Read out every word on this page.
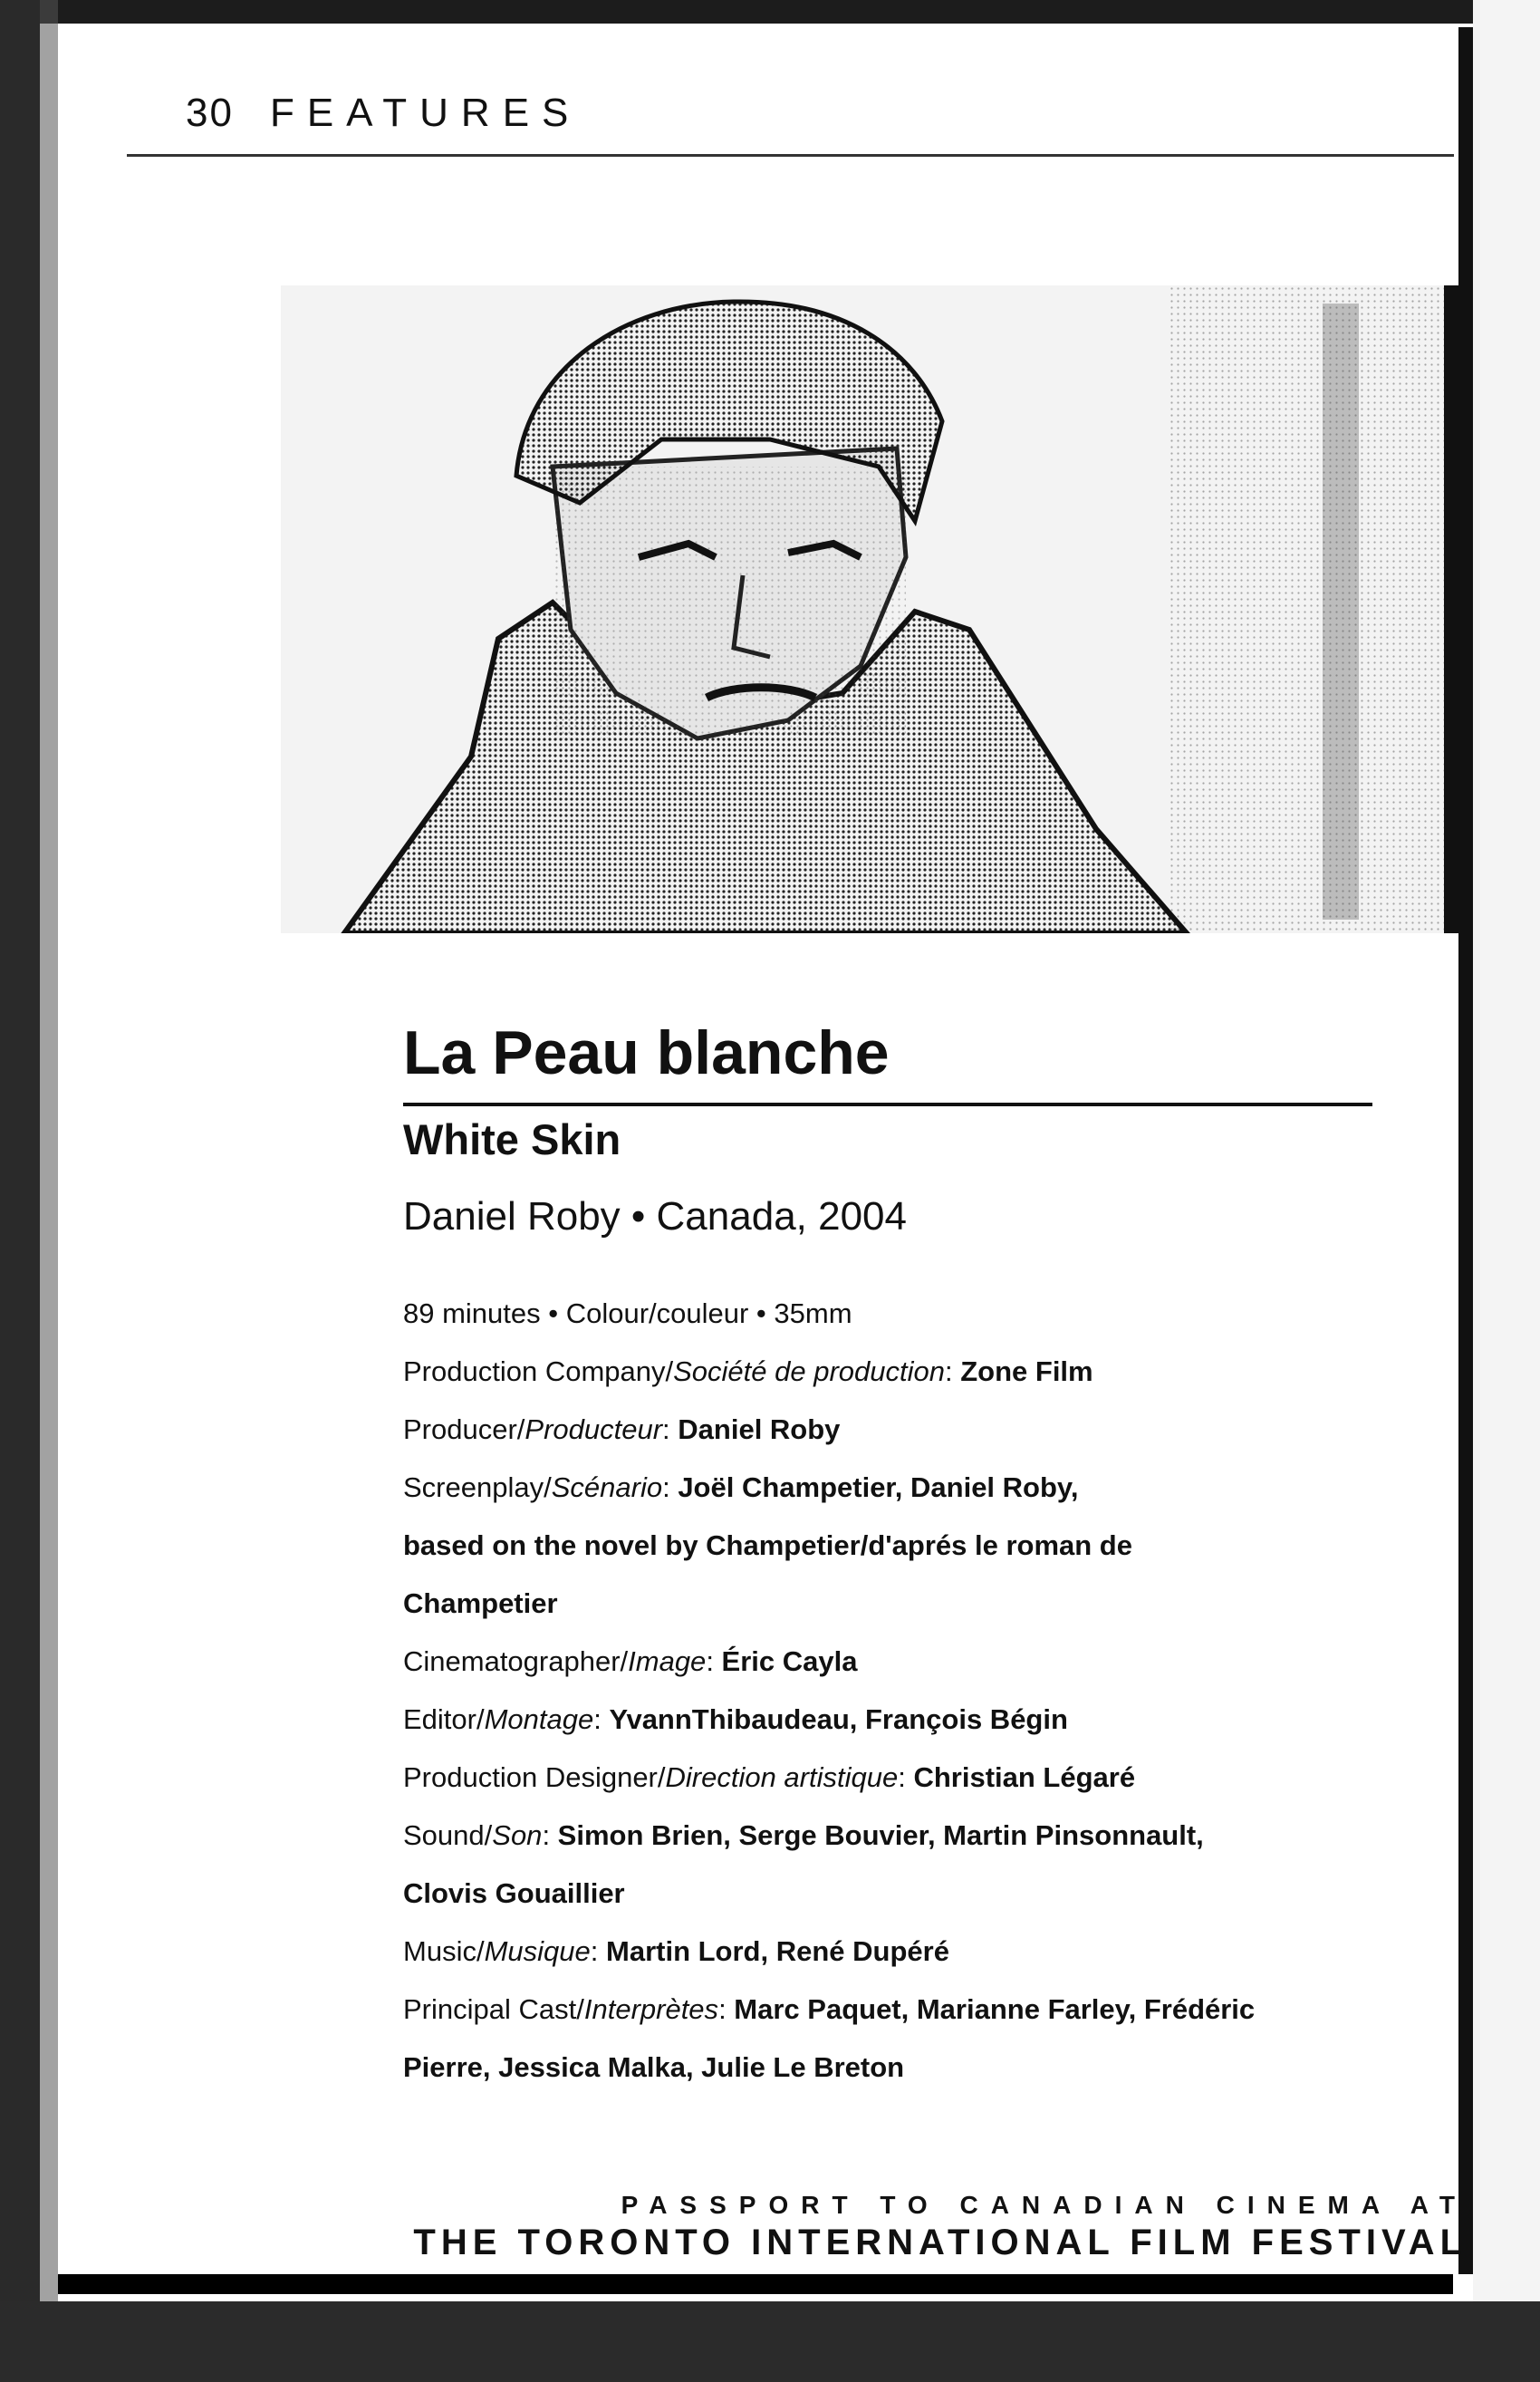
30 FEATURES
La Peau blanche
White Skin
Daniel Roby • Canada, 2004
89 minutes • Colour/couleur • 35mm
Production Company/Société de production: Zone Film
Producer/Producteur: Daniel Roby
Screenplay/Scénario: Joël Champetier, Daniel Roby,
based on the novel by Champetier/d'aprés le roman de
Champetier
Cinematographer/Image: Éric Cayla
Editor/Montage: YvannThibaudeau, François Bégin
Production Designer/Direction artistique: Christian Légaré
Sound/Son: Simon Brien, Serge Bouvier, Martin Pinsonnault,
Clovis Gouaillier
Music/Musique: Martin Lord, René Dupéré
Principal Cast/Interprètes: Marc Paquet, Marianne Farley, Frédéric
Pierre, Jessica Malka, Julie Le Breton
PASSPORT TO CANADIAN CINEMA AT
THE TORONTO INTERNATIONAL FILM FESTIVAL
